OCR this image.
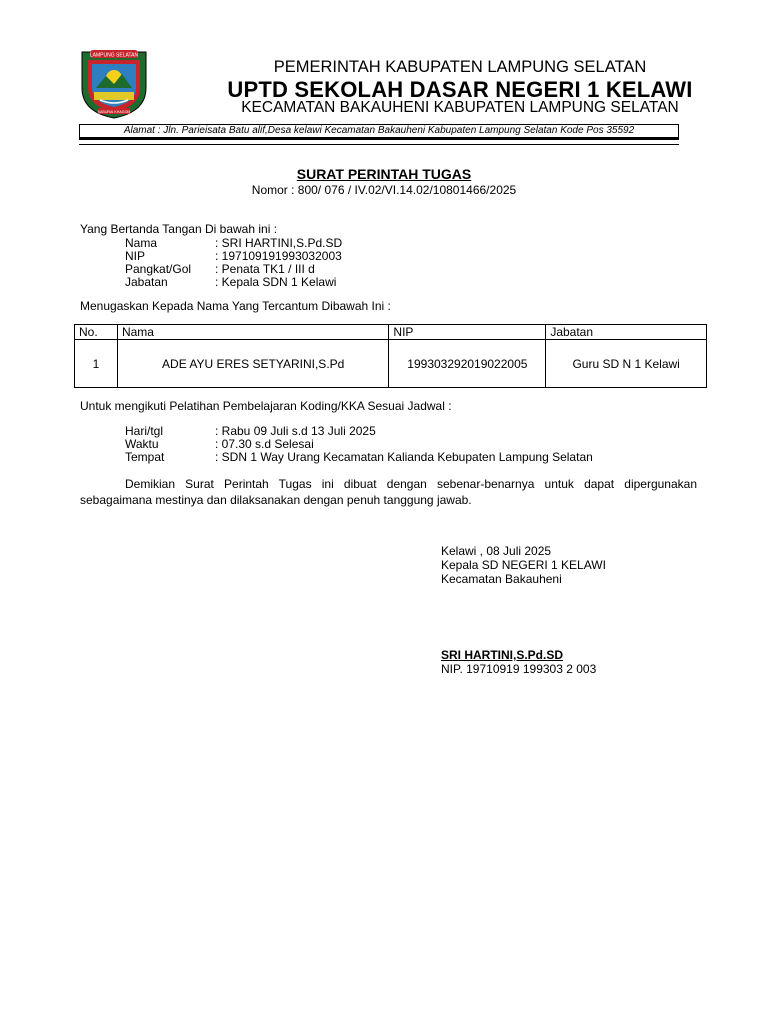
LAMPUNG SELATAN
SABURAI KHAGOM
PEMERINTAH KABUPATEN LAMPUNG SELATAN
UPTD SEKOLAH DASAR NEGERI 1 KELAWI
KECAMATAN BAKAUHENI KABUPATEN LAMPUNG SELATAN
Alamat : Jln. Parieisata Batu alif,Desa kelawi Kecamatan Bakauheni Kabupaten Lampung Selatan Kode Pos 35592
SURAT PERINTAH TUGAS
Nomor : 800/ 076 / IV.02/VI.14.02/10801466/2025
Yang Bertanda Tangan Di bawah ini :
Nama	: SRI HARTINI,S.Pd.SD
NIP	: 197109191993032003
Pangkat/Gol : Penata TK1 / III d
Jabatan	: Kepala SDN 1 Kelawi
Menugaskan Kepada Nama Yang Tercantum Dibawah Ini :
No.	Nama	NIP	Jabatan
1	ADE AYU ERES SETYARINI,S.Pd	199303292019022005	Guru SD N 1 Kelawi
Untuk mengikuti Pelatihan Pembelajaran Koding/KKA Sesuai Jadwal :
Hari/tgl	: Rabu 09 Juli s.d 13 Juli 2025
Waktu	: 07.30 s.d Selesai
Tempat	: SDN 1 Way Urang Kecamatan Kalianda Kebupaten Lampung Selatan
Demikian Surat Perintah Tugas ini dibuat dengan sebenar-benarnya untuk dapat dipergunakan sebagaimana mestinya dan dilaksanakan dengan penuh tanggung jawab.
Kelawi , 08 Juli 2025
Kepala SD NEGERI 1 KELAWI
Kecamatan Bakauheni
SRI HARTINI,S.Pd.SD
NIP. 19710919 199303 2 003
